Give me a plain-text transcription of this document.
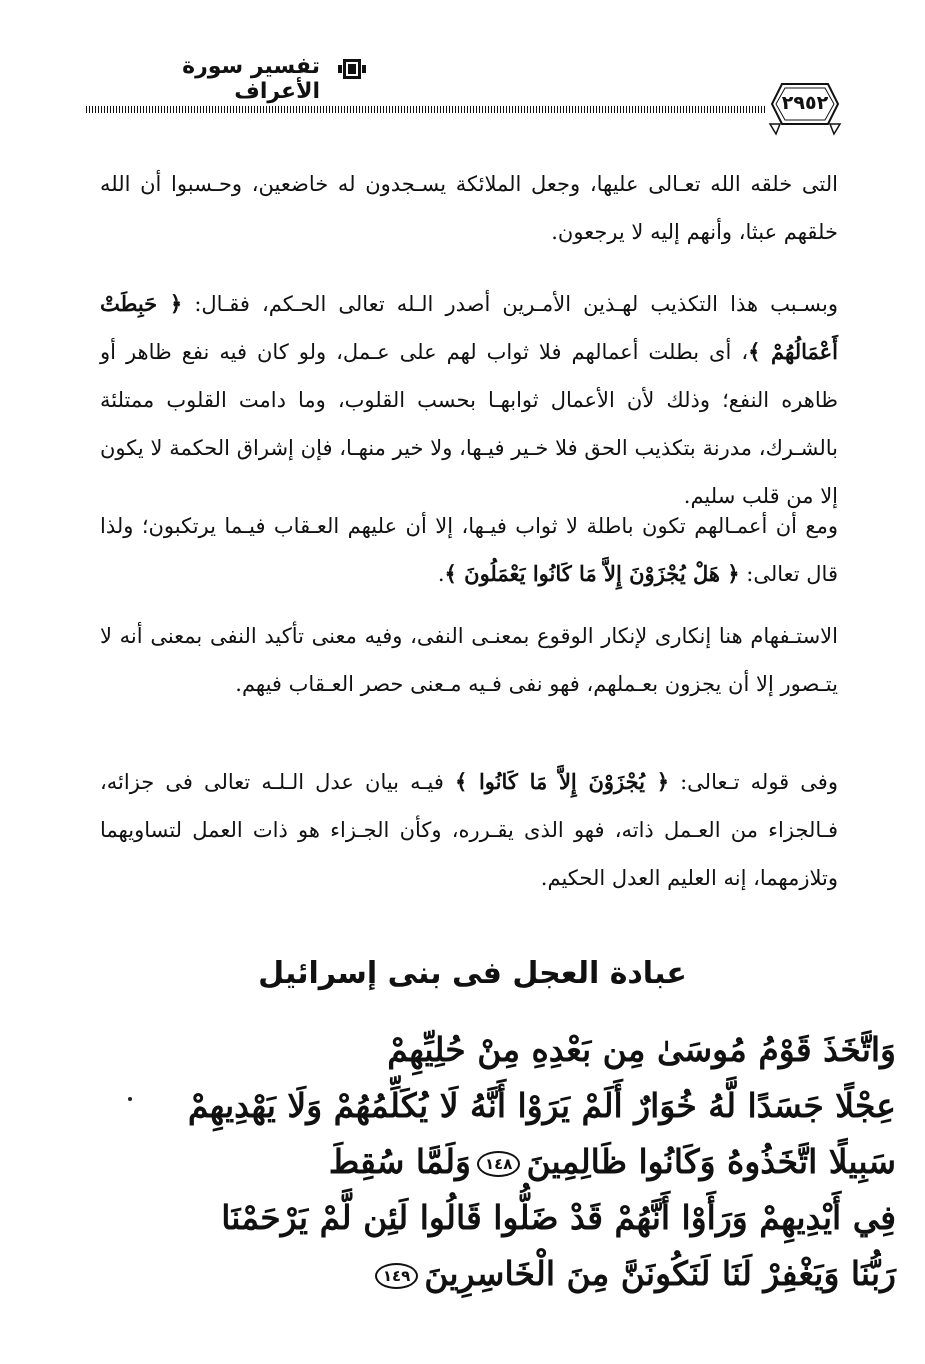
تفسير سورة الأعراف	٢٩٥٢

التى خلقه الله تعـالى عليها، وجعل الملائكة يسـجدون له خاضعين، وحـسبوا أن الله خلقهم عبثا، وأنهم إليه لا يرجعون.

وبسـبب هذا التكذيب لهـذين الأمـرين أصدر الـله تعالى الحـكم، فقـال: ﴿ حَبِطَتْ أَعْمَالُهُمْ ﴾، أى بطلت أعمالهم فلا ثواب لهم على عـمل، ولو كان فيه نفع ظاهر أو ظاهره النفع؛ وذلك لأن الأعمال ثوابهـا بحسب القلوب، وما دامت القلوب ممتلئة بالشـرك، مدرنة بتكذيب الحق فلا خـير فيـها، ولا خير منهـا، فإن إشراق الحكمة لا يكون إلا من قلب سليم.

ومع أن أعمـالهم تكون باطلة لا ثواب فيـها، إلا أن عليهم العـقاب فيـما يرتكبون؛ ولذا قال تعالى: ﴿ هَلْ يُجْزَوْنَ إِلاَّ مَا كَانُوا يَعْمَلُونَ ﴾.

الاستـفهام هنا إنكارى لإنكار الوقوع بمعنـى النفى، وفيه معنى تأكيد النفى بمعنى أنه لا يتـصور إلا أن يجزون بعـملهم، فهو نفى فـيه مـعنى حصر العـقاب فيهم.

وفى قوله تـعالى: ﴿ يُجْزَوْنَ إِلاَّ مَا كَانُوا ﴾ فيـه بيان عدل الـلـه تعالى فى جزائه، فـالجزاء من العـمل ذاته، فهو الذى يقـرره، وكأن الجـزاء هو ذات العمل لتساويهما وتلازمهما، إنه العليم العدل الحكيم.

عبادة العجل فى بنى إسرائيل
وَاتَّخَذَ قَوْمُ مُوسَىٰ مِن بَعْدِهِ مِنْ حُلِيِّهِمْ
عِجْلًا جَسَدًا لَّهُ خُوَارٌ أَلَمْ يَرَوْا أَنَّهُ لَا يُكَلِّمُهُمْ وَلَا يَهْدِيهِمْ
سَبِيلًا اتَّخَذُوهُ وَكَانُوا ظَالِمِينَ١٤٨وَلَمَّا سُقِطَ
فِي أَيْدِيهِمْ وَرَأَوْا أَنَّهُمْ قَدْ ضَلُّوا قَالُوا لَئِن لَّمْ يَرْحَمْنَا
رَبُّنَا وَيَغْفِرْ لَنَا لَنَكُونَنَّ مِنَ الْخَاسِرِينَ١٤٩
